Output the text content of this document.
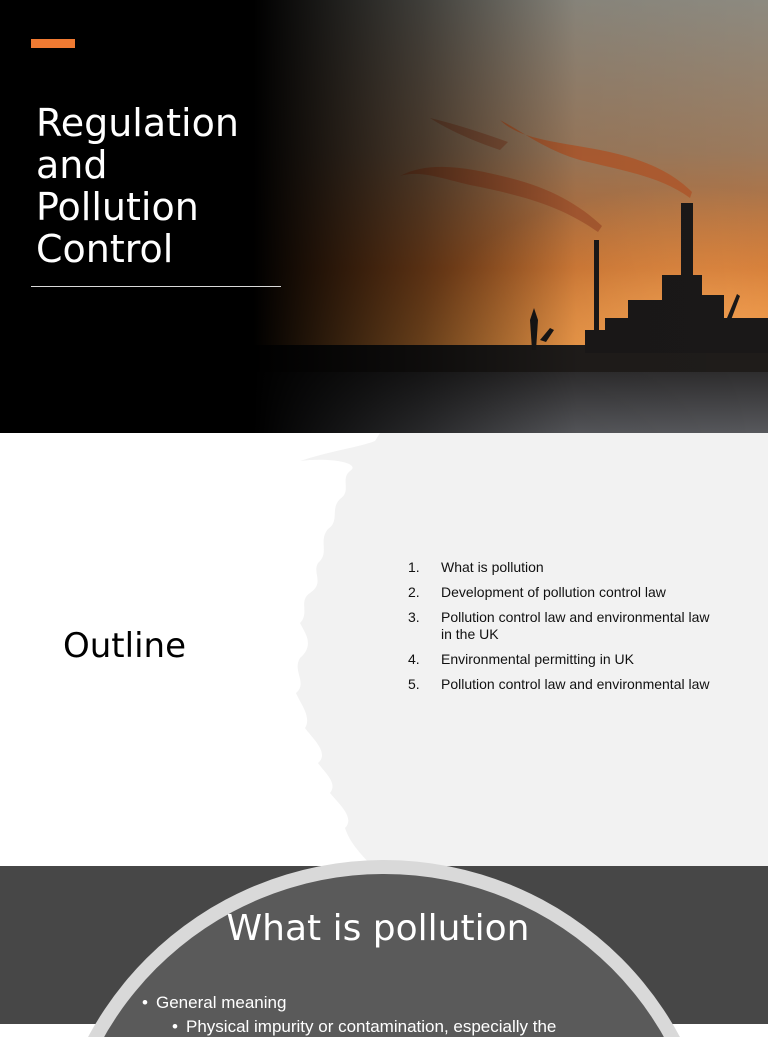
Regulation
and
Pollution
Control
Outline
1.	What is pollution
2.	Development of pollution control law
3.	Pollution control law and environmental law in the UK
4.	Environmental permitting in UK
5.	Pollution control law and environmental law
What is pollution
• General meaning
• Physical impurity or contamination, especially the
